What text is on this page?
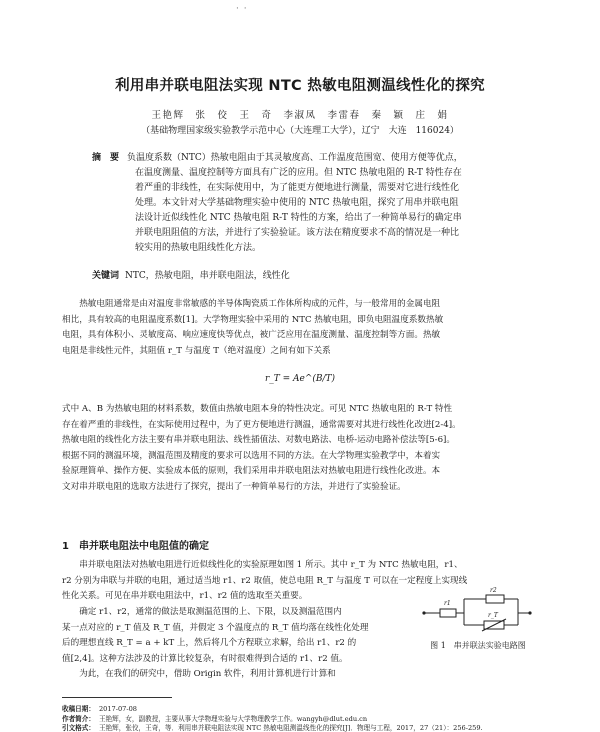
· ·
利用串并联电阻法实现 NTC 热敏电阻测温线性化的探究
王艳辉　张　佼　王　奇　李淑凤　李雷春　秦　颖　庄　娟
（基础物理国家级实验教学示范中心（大连理工大学），辽宁　大连　116024）
摘　要 负温度系数（NTC）热敏电阻由于其灵敏度高、工作温度范围宽、使用方便等优点，
在温度测量、温度控制等方面具有广泛的应用。但 NTC 热敏电阻的 R-T 特性存在
着严重的非线性，在实际使用中，为了能更方便地进行测量，需要对它进行线性化
处理。本文针对大学基础物理实验中使用的 NTC 热敏电阻，探究了用串并联电阻
法设计近似线性化 NTC 热敏电阻 R-T 特性的方案，给出了一种简单易行的确定串
并联电阻阻值的方法，并进行了实验验证。该方法在精度要求不高的情况是一种比
较实用的热敏电阻线性化方法。
关键词 NTC，热敏电阻，串并联电阻法，线性化
热敏电阻通常是由对温度非常敏感的半导体陶瓷质工作体所构成的元件，与一般常用的金属电阻
相比，具有较高的电阻温度系数[1]。大学物理实验中采用的 NTC 热敏电阻，即负电阻温度系数热敏
电阻，具有体积小、灵敏度高、响应速度快等优点，被广泛应用在温度测量、温度控制等方面。热敏
电阻是非线性元件，其阻值 r_T 与温度 T（绝对温度）之间有如下关系
r_T = Ae^(B/T)
式中 A、B 为热敏电阻的材料系数，数值由热敏电阻本身的特性决定。可见 NTC 热敏电阻的 R-T 特性
存在着严重的非线性，在实际使用过程中，为了更方便地进行测温，通常需要对其进行线性化改进[2-4]。
热敏电阻的线性化方法主要有串并联电阻法、线性插值法、对数电路法、电桥-运动电路补偿法等[5-6]。
根据不同的测温环境，测温范围及精度的要求可以选用不同的方法。在大学物理实验教学中，本着实
验原理简单、操作方便、实验成本低的原则，我们采用串并联电阻法对热敏电阻进行线性化改进。本
文对串并联电阻的选取方法进行了探究，提出了一种简单易行的方法，并进行了实验验证。
1 串并联电阻法中电阻值的确定
串并联电阻法对热敏电阻进行近似线性化的实验原理如图 1 所示。其中 r_T 为 NTC 热敏电阻，r1、
r2 分别为串联与并联的电阻，通过适当地 r1、r2 取值，使总电阻 R_T 与温度 T 可以在一定程度上实现线
性化关系。可见在串并联电阻法中，r1、r2 值的选取至关重要。
确定 r1、r2，通常的做法是取测温范围的上、下限，以及测温范围内
某一点对应的 r_T 值及 R_T 值，并假定 3 个温度点的 R_T 值均落在线性化处理
后的理想直线 R_T = a + kT 上，然后将几个方程联立求解，给出 r1、r2 的
值[2,4]。这种方法涉及的计算比较复杂，有时很难得到合适的 r1、r2 值。
为此，在我们的研究中，借助 Origin 软件，利用计算机进行计算和
r1
r2
r_T
图 1　串并联法实验电路图
收稿日期： 2017-07-08
作者简介： 王艳辉，女，副教授，主要从事大学物理实验与大学物理教学工作。wangyh@dlut.edu.cn
引文格式： 王艳辉，张佼，王奇，等．利用串并联电阻法实现 NTC 热敏电阻测温线性化的探究[J]．物理与工程，2017，27（21）：256-259.
